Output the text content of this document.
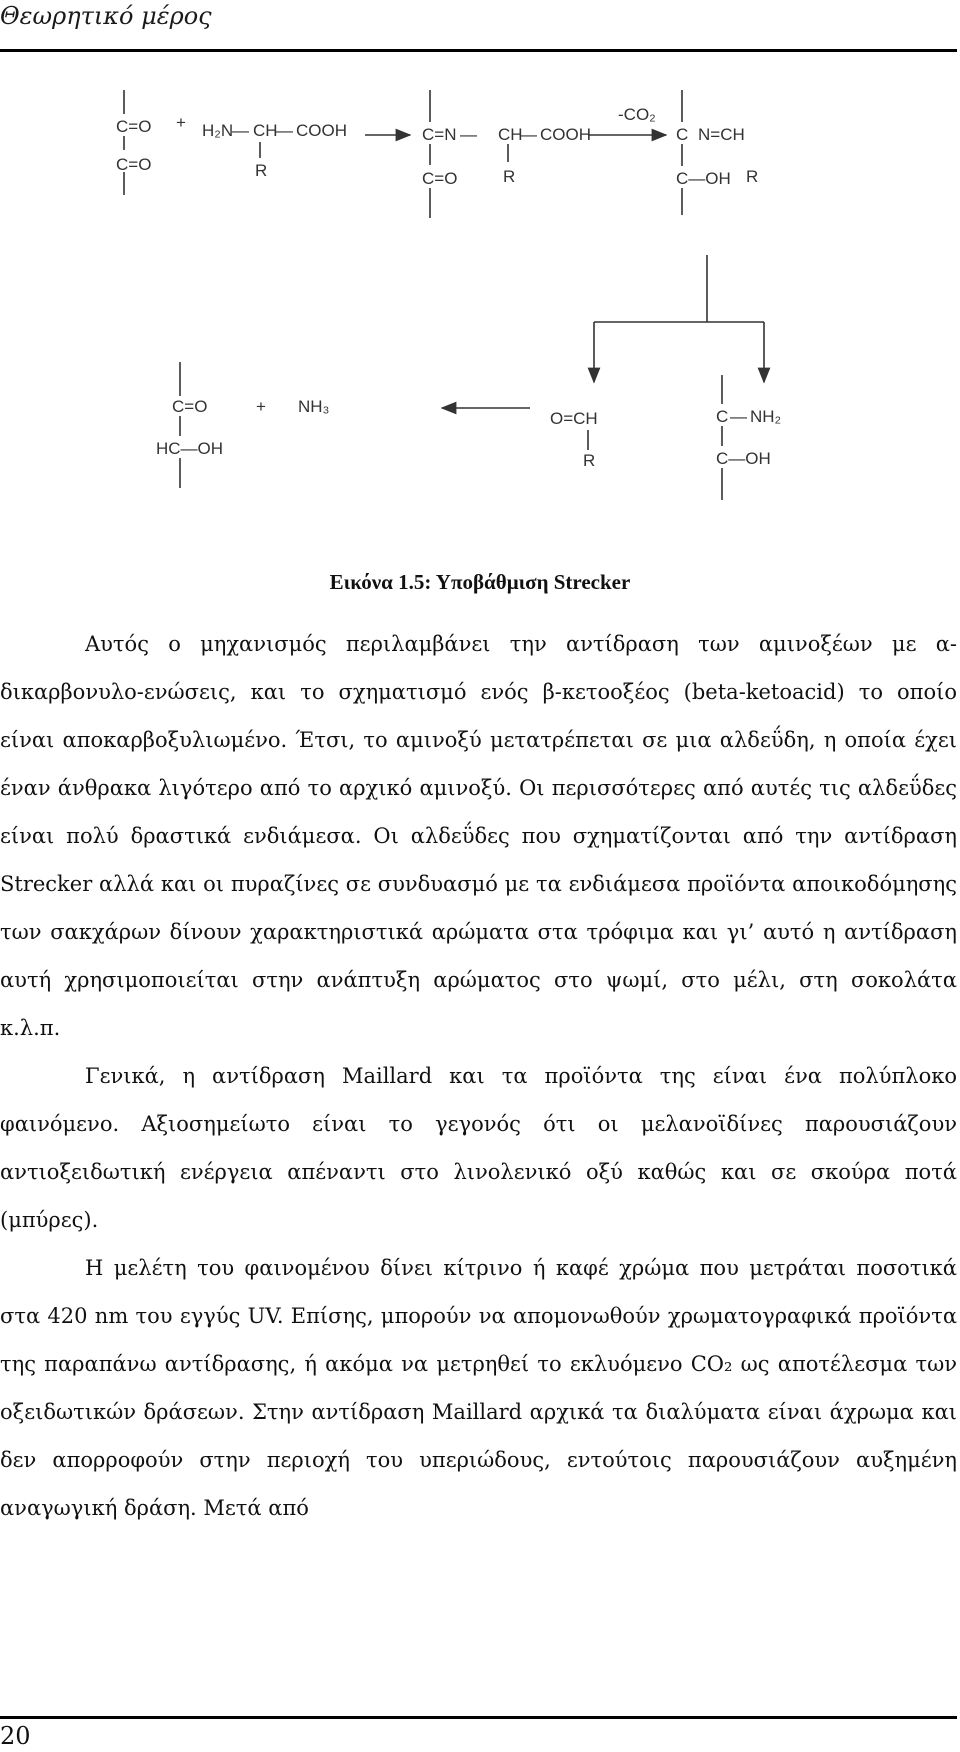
Θεωρητικό μέρος
C=O
C=O
+ H₂N
— CH
— COOH
R
C=N — CH
— COOH
C=O	R
-CO₂
C N=CH
C—OH R
C=O
HC—OH
+ NH₃
O=CH
R
C — NH₂
C—OH
Εικόνα 1.5: Υποβάθμιση Strecker

Αυτός ο μηχανισμός περιλαμβάνει την αντίδραση των αμινοξέων με α-δικαρβονυλο-ενώσεις, και το σχηματισμό ενός β-κετοοξέος (beta-ketoacid) το οποίο είναι αποκαρβοξυλιωμένο. Έτσι, το αμινοξύ μετατρέπεται σε μια αλδεΰδη, η οποία έχει έναν άνθρακα λιγότερο από το αρχικό αμινοξύ. Οι περισσότερες από αυτές τις αλδεΰδες είναι πολύ δραστικά ενδιάμεσα. Οι αλδεΰδες που σχηματίζονται από την αντίδραση Strecker αλλά και οι πυραζίνες σε συνδυασμό με τα ενδιάμεσα προϊόντα αποικοδόμησης των σακχάρων δίνουν χαρακτηριστικά αρώματα στα τρόφιμα και γι’ αυτό η αντίδραση αυτή χρησιμοποιείται στην ανάπτυξη αρώματος στο ψωμί, στο μέλι, στη σοκολάτα κ.λ.π.

Γενικά, η αντίδραση Maillard και τα προϊόντα της είναι ένα πολύπλοκο φαινόμενο. Αξιοσημείωτο είναι το γεγονός ότι οι μελανοϊδίνες παρουσιάζουν αντιοξειδωτική ενέργεια απέναντι στο λινολενικό οξύ καθώς και σε σκούρα ποτά (μπύρες).

Η μελέτη του φαινομένου δίνει κίτρινο ή καφέ χρώμα που μετράται ποσοτικά στα 420 nm του εγγύς UV. Επίσης, μπορούν να απομονωθούν χρωματογραφικά προϊόντα της παραπάνω αντίδρασης, ή ακόμα να μετρηθεί το εκλυόμενο CO₂ ως αποτέλεσμα των οξειδωτικών δράσεων. Στην αντίδραση Maillard αρχικά τα διαλύματα είναι άχρωμα και δεν απορροφούν στην περιοχή του υπεριώδους, εντούτοις παρουσιάζουν αυξημένη αναγωγική δράση. Μετά από

20
